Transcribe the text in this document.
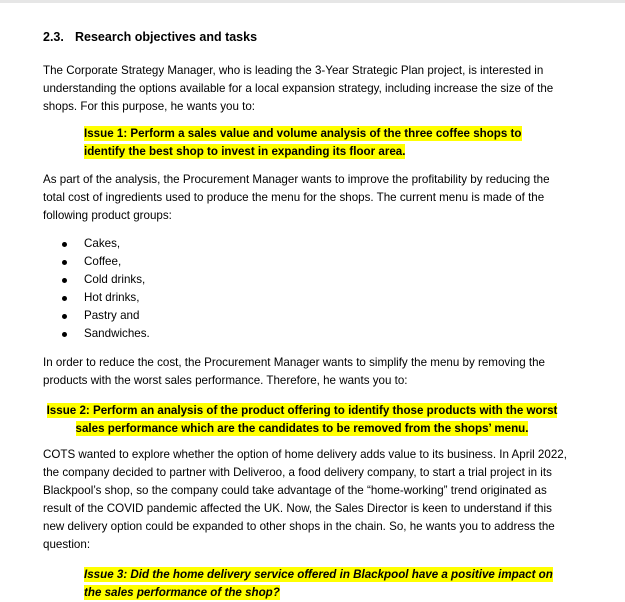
2.3. Research objectives and tasks
The Corporate Strategy Manager, who is leading the 3-Year Strategic Plan project, is interested in understanding the options available for a local expansion strategy, including increase the size of the shops. For this purpose, he wants you to:
Issue 1: Perform a sales value and volume analysis of the three coffee shops to identify the best shop to invest in expanding its floor area.
As part of the analysis, the Procurement Manager wants to improve the profitability by reducing the total cost of ingredients used to produce the menu for the shops. The current menu is made of the following product groups:
Cakes,
Coffee,
Cold drinks,
Hot drinks,
Pastry and
Sandwiches.
In order to reduce the cost, the Procurement Manager wants to simplify the menu by removing the products with the worst sales performance. Therefore, he wants you to:
Issue 2: Perform an analysis of the product offering to identify those products with the worst sales performance which are the candidates to be removed from the shops’ menu.
COTS wanted to explore whether the option of home delivery adds value to its business. In April 2022, the company decided to partner with Deliveroo, a food delivery company, to start a trial project in its Blackpool’s shop, so the company could take advantage of the “home-working” trend originated as result of the COVID pandemic affected the UK. Now, the Sales Director is keen to understand if this new delivery option could be expanded to other shops in the chain. So, he wants you to address the question:
Issue 3: Did the home delivery service offered in Blackpool have a positive impact on the sales performance of the shop?
